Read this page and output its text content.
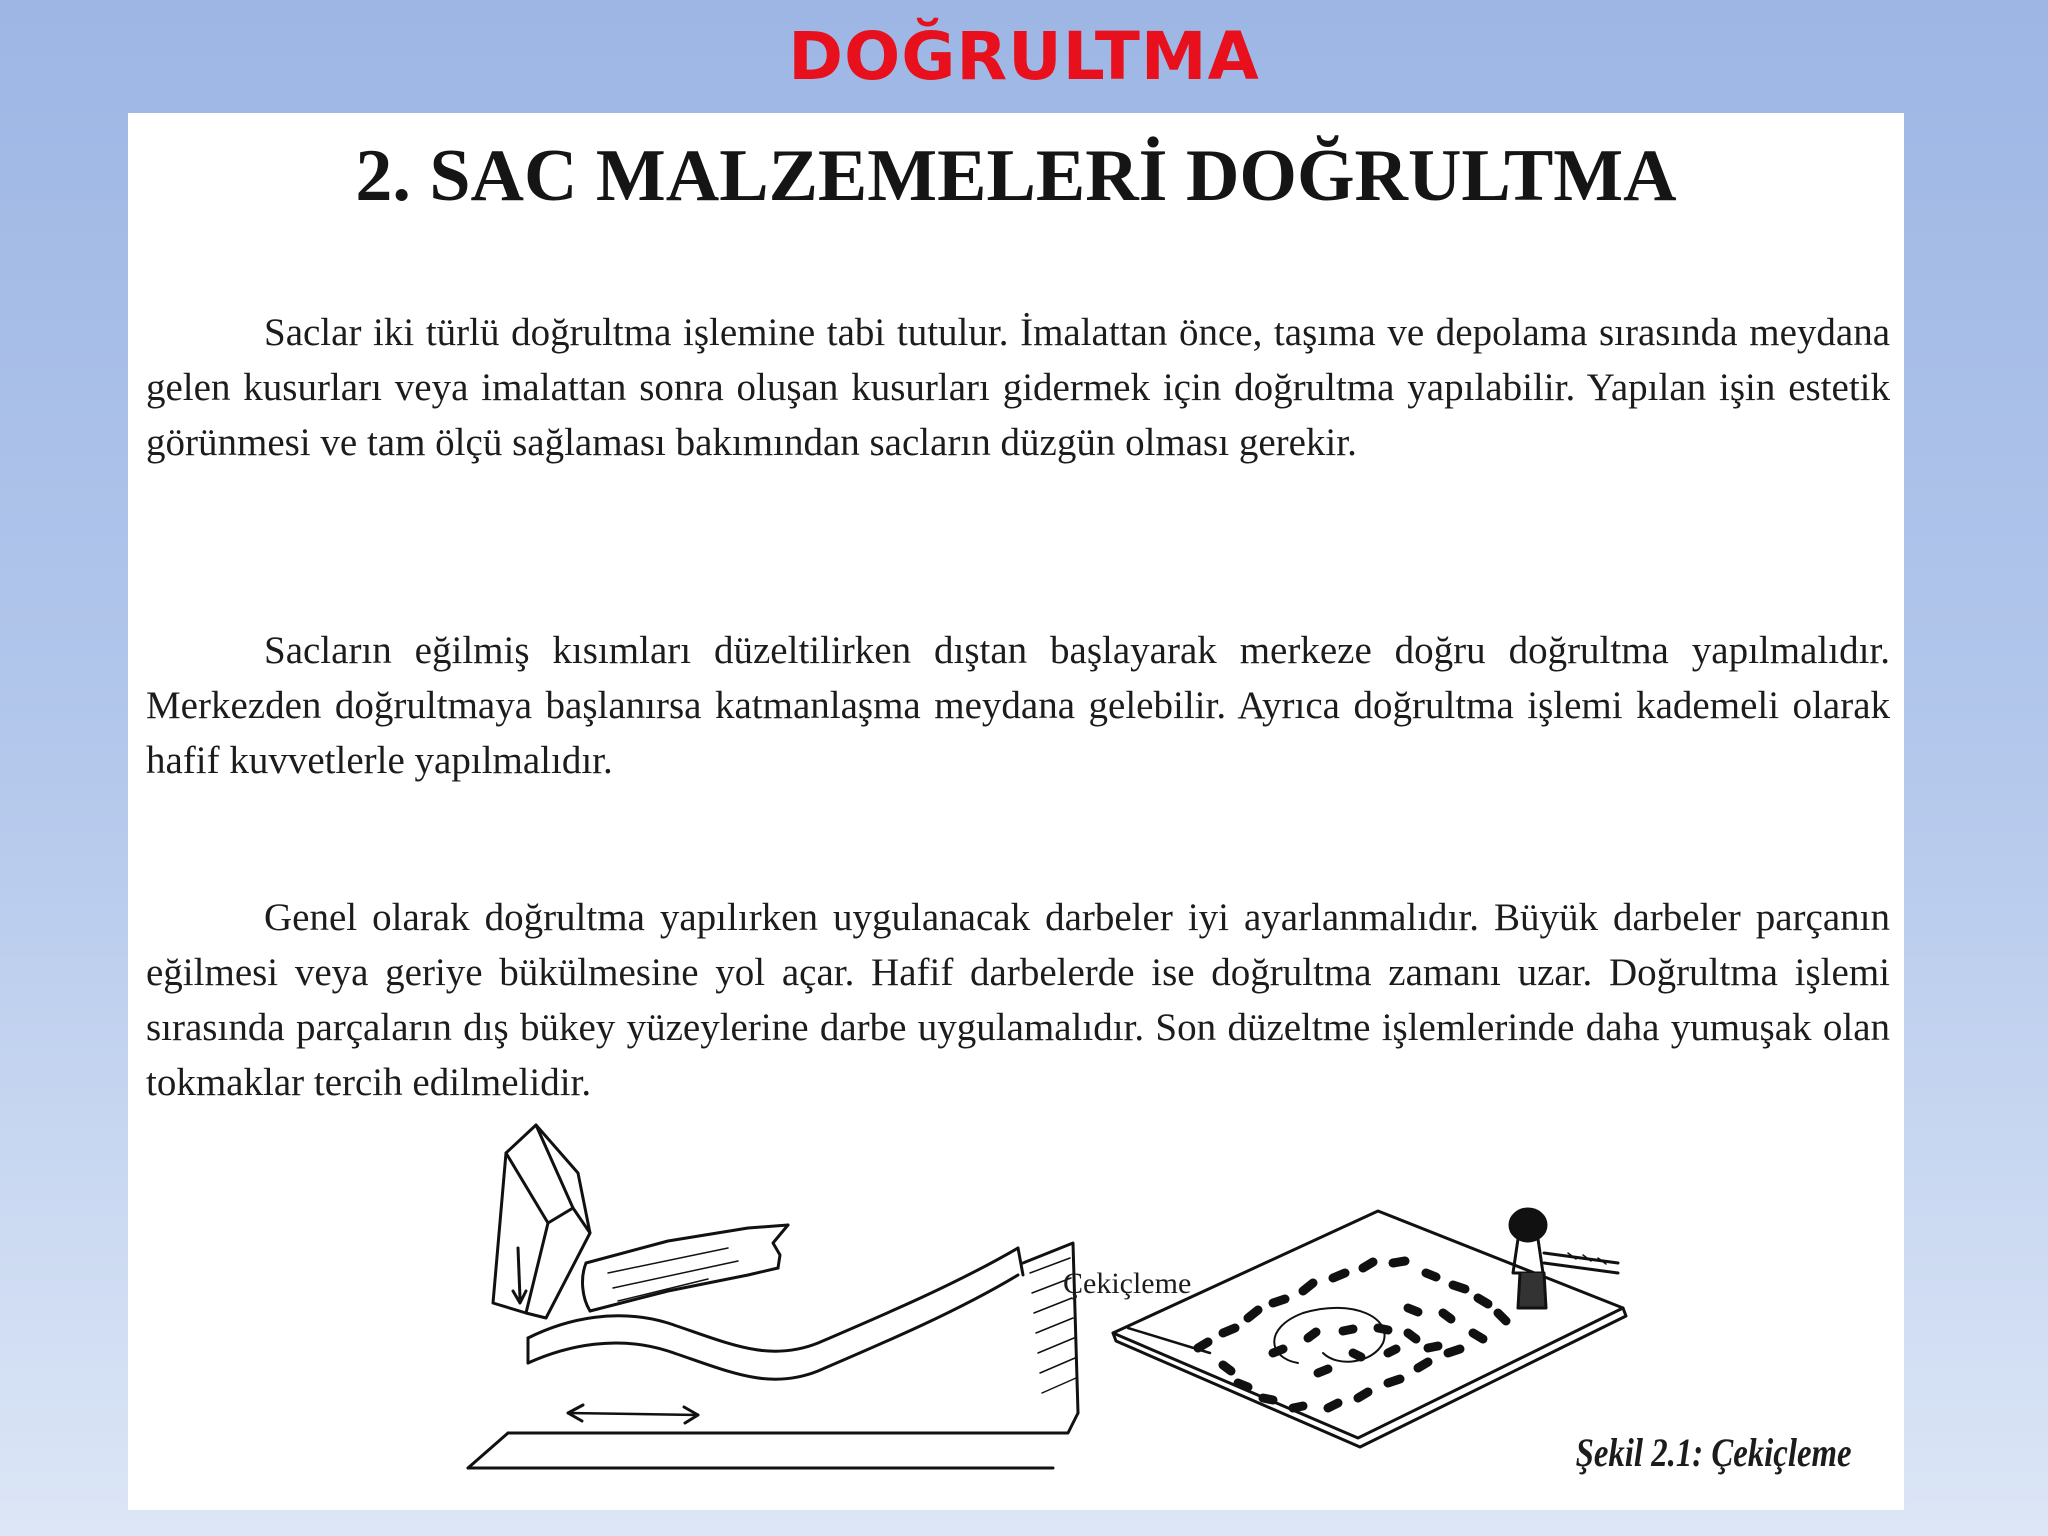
DOĞRULTMA
2. SAC MALZEMELERİ DOĞRULTMA

Saclar iki türlü doğrultma işlemine tabi tutulur. İmalattan önce, taşıma ve depolama sırasında meydana gelen kusurları veya imalattan sonra oluşan kusurları gidermek için doğrultma yapılabilir. Yapılan işin estetik görünmesi ve tam ölçü sağlaması bakımından sacların düzgün olması gerekir.

Sacların eğilmiş kısımları düzeltilirken dıştan başlayarak merkeze doğru doğrultma yapılmalıdır. Merkezden doğrultmaya başlanırsa katmanlaşma meydana gelebilir. Ayrıca doğrultma işlemi kademeli olarak hafif kuvvetlerle yapılmalıdır.

Genel olarak doğrultma yapılırken uygulanacak darbeler iyi ayarlanmalıdır. Büyük darbeler parçanın eğilmesi veya geriye bükülmesine yol açar. Hafif darbelerde ise doğrultma zamanı uzar. Doğrultma işlemi sırasında parçaların dış bükey yüzeylerine darbe uygulamalıdır. Son düzeltme işlemlerinde daha yumuşak olan tokmaklar tercih edilmelidir.

Çekiçleme
Şekil 2.1: Çekiçleme
